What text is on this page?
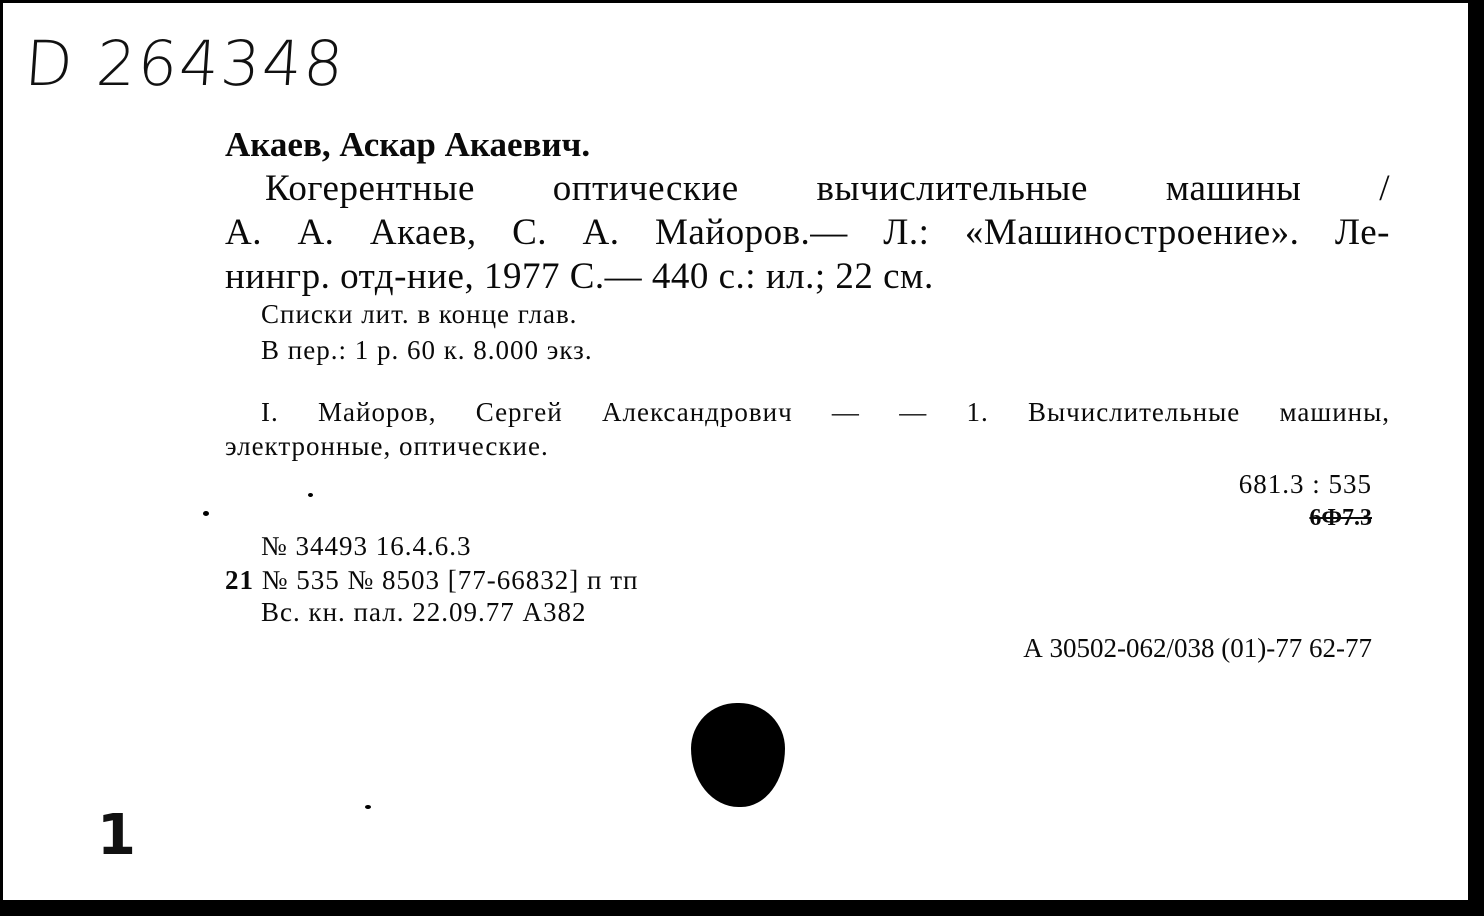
D 264348
Акаев, Аскар Акаевич.
Когерентные оптические вычислительные машины /
А. А. Акаев, С. А. Майоров.— Л.: «Машиностроение». Ле-
нингр. отд-ние, 1977 С.— 440 с.: ил.; 22 см.
Списки лит. в конце глав.
В пер.: 1 р. 60 к. 8.000 экз.
I. Майоров, Сергей Александрович — — 1. Вычислительные машины,
электронные, оптические.
681.3 : 535
6Ф7.3
№ 34493 16.4.6.3
21 № 535 № 8503 [77-66832] п тп
Вс. кн. пал. 22.09.77 А382
А 30502-062/038 (01)-77 62-77
1
